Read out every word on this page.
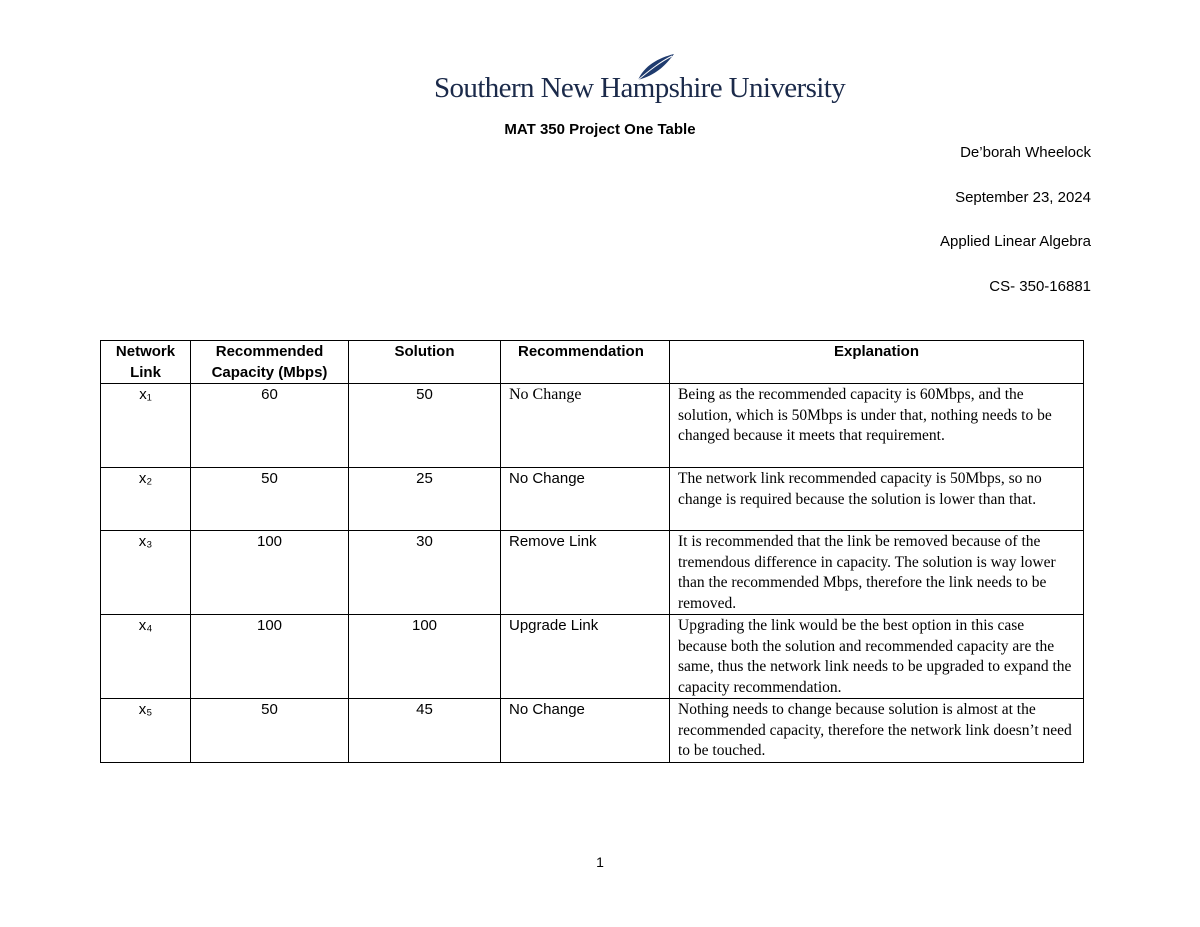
Southern New Hampshire University
MAT 350 Project One Table
De’borah Wheelock
September 23, 2024
Applied Linear Algebra
CS- 350-16881
Network Link	Recommended Capacity (Mbps)	Solution	Recommendation	Explanation
x₁	60	50	No Change	Being as the recommended capacity is 60Mbps, and the solution, which is 50Mbps is under that, nothing needs to be changed because it meets that requirement.
x₂	50	25	No Change	The network link recommended capacity is 50Mbps, so no change is required because the solution is lower than that.
x₃	100	30	Remove Link	It is recommended that the link be removed because of the tremendous difference in capacity. The solution is way lower than the recommended Mbps, therefore the link needs to be removed.
x₄	100	100	Upgrade Link	Upgrading the link would be the best option in this case because both the solution and recommended capacity are the same, thus the network link needs to be upgraded to expand the capacity recommendation.
x₅	50	45	No Change	Nothing needs to change because solution is almost at the recommended capacity, therefore the network link doesn’t need to be touched.
1
